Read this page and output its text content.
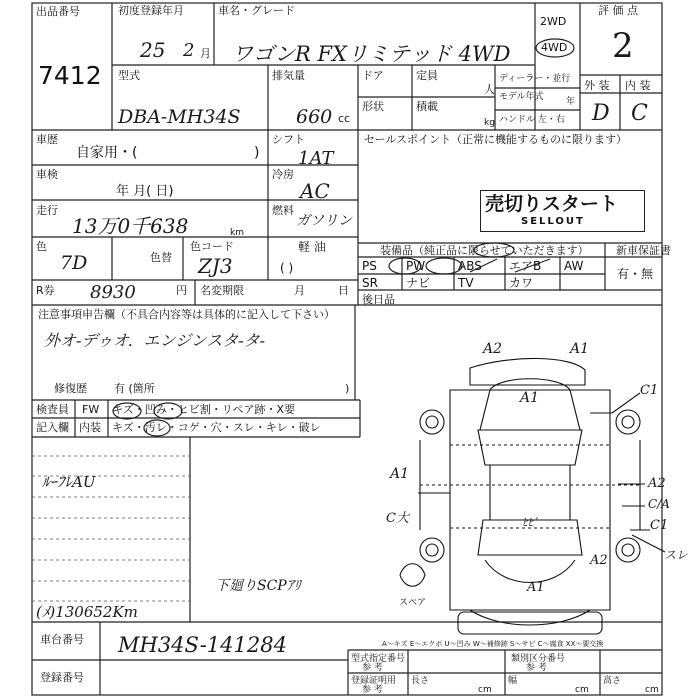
出品番号
7412
初度登録年月
25 2 月
車名・グレード
ワゴンR FXリミテッド 4WD
2WD
4WD
評 価 点
2
外 装 内 装
D C
型式
DBA-MH34S
排気量
660 cc
ドア	定員
人
形状	積載
kg
ディーラー・並行
モデル年式	年
ハンドル 左・右
車歴
自家用・(	)
シフト
1AT
セールスポイント（正常に機能するものに限ります）
売切りスタート
SELLOUT
車検
年 月( 日)
冷房
AC
走行
13万0千638	km
燃料
ガソリン
軽 油
( )
色
7D	色替
色コード
ZJ3
装備品（純正品に限らせていただきます） 新車保証書
有・無
R券 8930	円 名変期限	月	日
後日品
注意事項申告欄（不具合内容等は具体的に記入して下さい）
外オ-デゥオ．エンジンスタ-タ-
修復歴 有 (箇所	)
検査員
記入欄
FW キズ・凹み・ヒビ割・リペア跡・X要
内装 キズ・汚レ・コゲ・穴・スレ・キレ・破レ
ﾙｰﾌﾚAU
下廻りSCPｱﾘ
(ﾒ)130652Km
A2	A1
A1	C1
A1
C大
A2
C/A
C1
スレ
A2
A1
ﾋﾋﾞ
スペア
A～キズ E～エクボ U～凹み W～補修跡 S～サビ C～腐食 XX～要交換
車台番号 MH34S-141284
登録番号
型式指定番号
参 考
登録証明用
参 考
類別区分番号
参 考
長さ
cm
幅
cm
高さ
cm
PS PW	ABS エアB AW
SR ナビ TV	カワ
